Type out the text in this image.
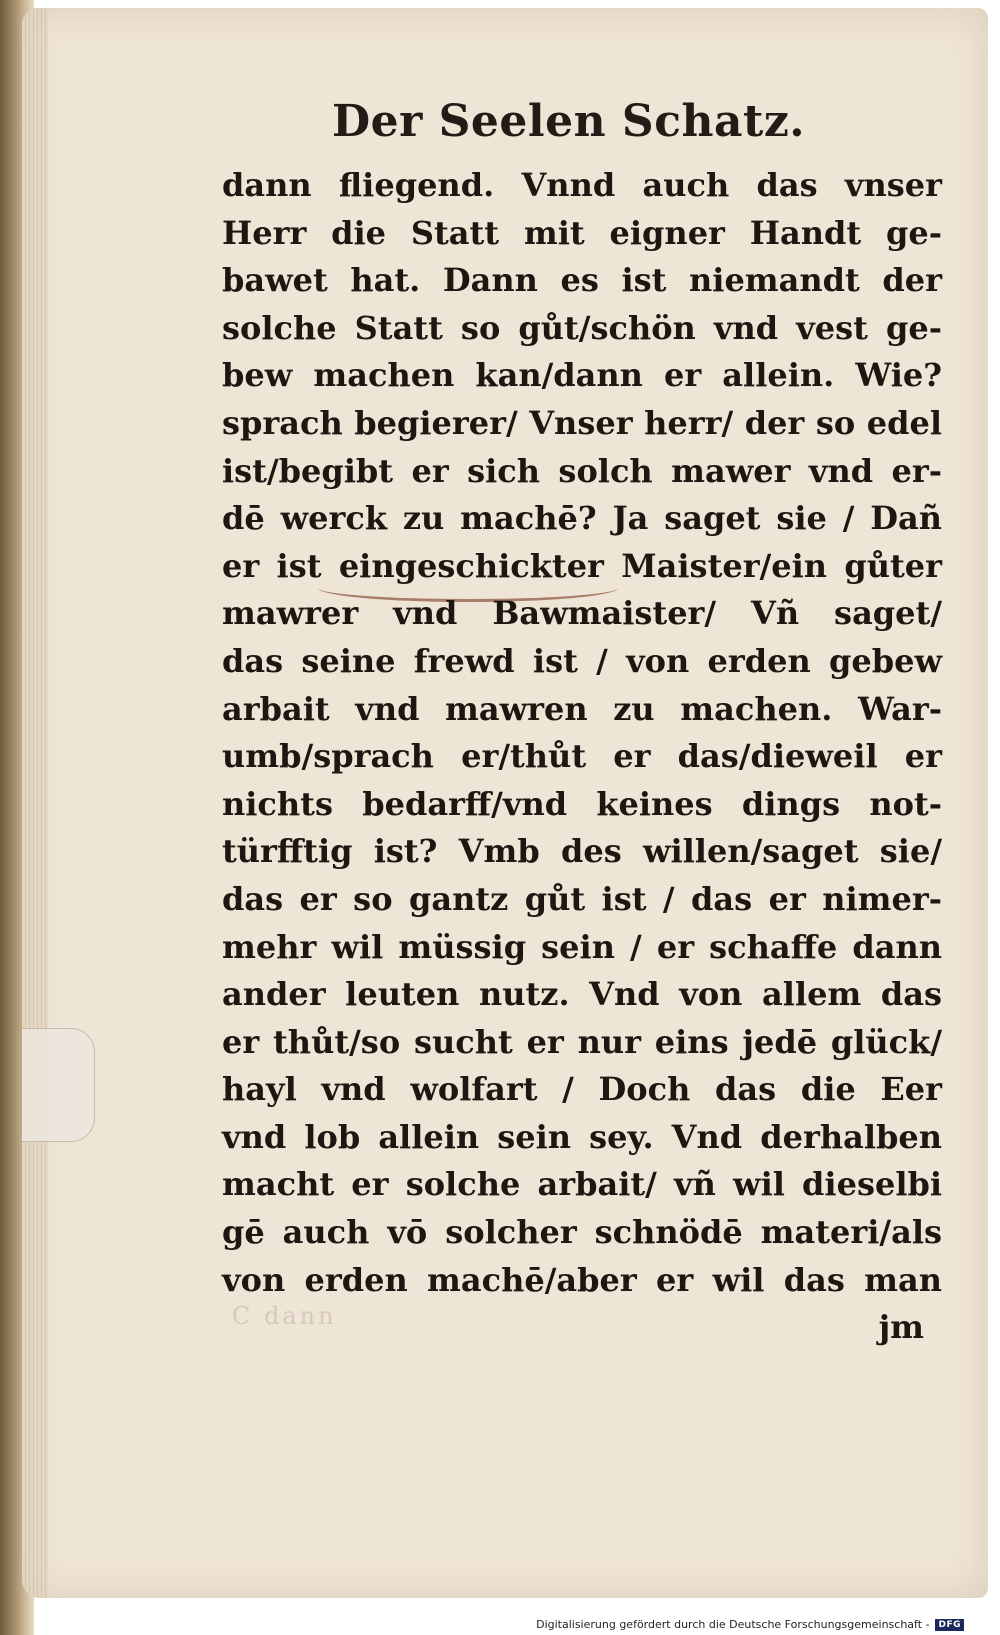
C dann
Der Seelen Schatz.
dann fliegend. Vnnd auch das vnser
Herr die Statt mit eigner Handt ge-
bawet hat. Dann es ist niemandt der
solche Statt so gůt/schön vnd vest ge-
bew machen kan/dann er allein. Wie?
sprach begierer/ Vnser herr/ der so edel
ist/begibt er sich solch mawer vnd er-
dē werck zu machē? Ja saget sie / Dañ
er ist eingeschickter Maister/ein gůter
mawrer vnd Bawmaister/ Vñ saget/
das seine frewd ist / von erden gebew
arbait vnd mawren zu machen. War-
umb/sprach er/thůt er das/dieweil er
nichts bedarff/vnd keines dings not-
türfftig ist? Vmb des willen/saget sie/
das er so gantz gůt ist / das er nimer-
mehr wil müssig sein / er schaffe dann
ander leuten nutz. Vnd von allem das
er thůt/so sucht er nur eins jedē glück/
hayl vnd wolfart / Doch das die Eer
vnd lob allein sein sey. Vnd derhalben
macht er solche arbait/ vñ wil dieselbi
gē auch vō solcher schnödē materi/als
von erden machē/aber er wil das man
jm
Digitalisierung gefördert durch die Deutsche Forschungsgemeinschaft -	DFG
